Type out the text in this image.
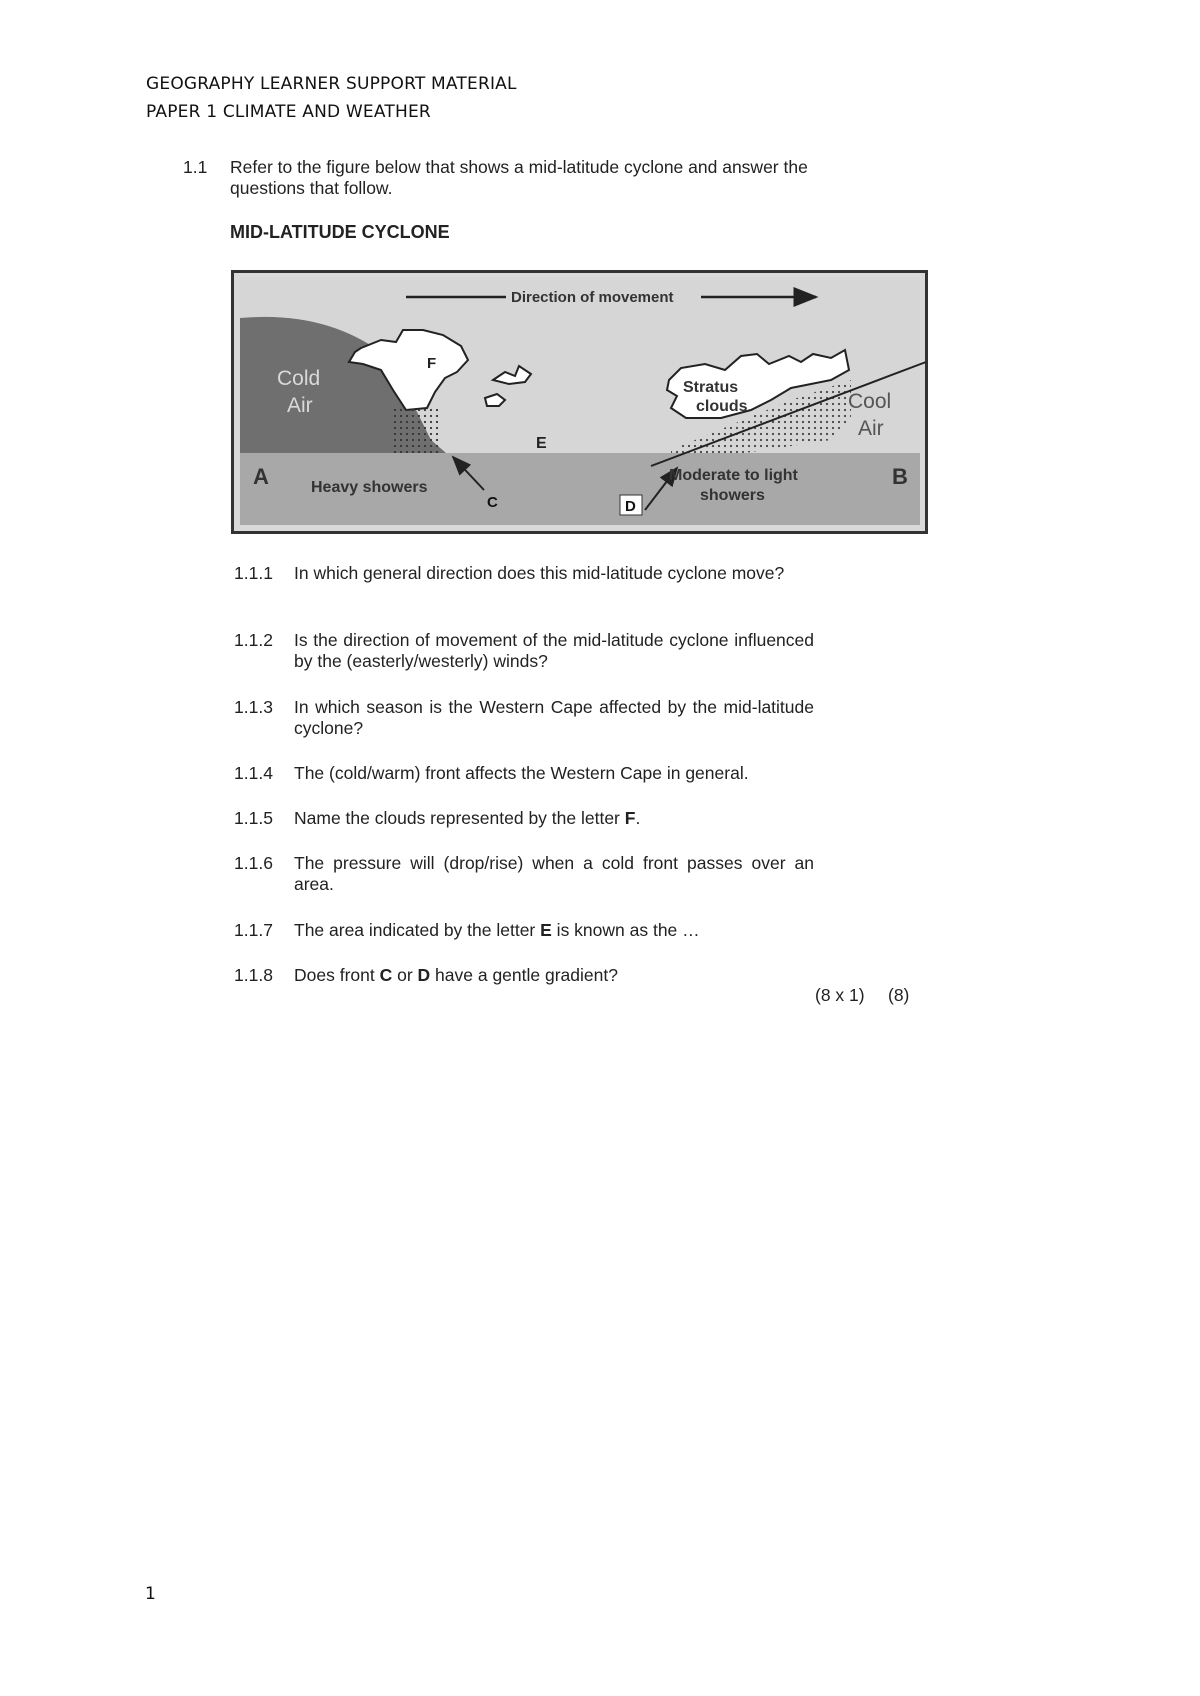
GEOGRAPHY LEARNER SUPPORT MATERIAL
PAPER 1 CLIMATE AND WEATHER
1.1 Refer to the figure below that shows a mid-latitude cyclone and answer the questions that follow.
MID-LATITUDE CYCLONE
Direction of movement
Cold
Air
F
E
Stratus
clouds	Cool
Air
A	B
Heavy showers
C	D
Moderate to light
showers
1.1.1 In which general direction does this mid-latitude cyclone move?
1.1.2 Is the direction of movement of the mid-latitude cyclone influenced by the (easterly/westerly) winds?
1.1.3 In which season is the Western Cape affected by the mid-latitude cyclone?
1.1.4 The (cold/warm) front affects the Western Cape in general.
1.1.5 Name the clouds represented by the letter F.
1.1.6 The pressure will (drop/rise) when a cold front passes over an area.
1.1.7 The area indicated by the letter E is known as the …
1.1.8 Does front C or D have a gentle gradient?
(8 x 1) (8)
1
